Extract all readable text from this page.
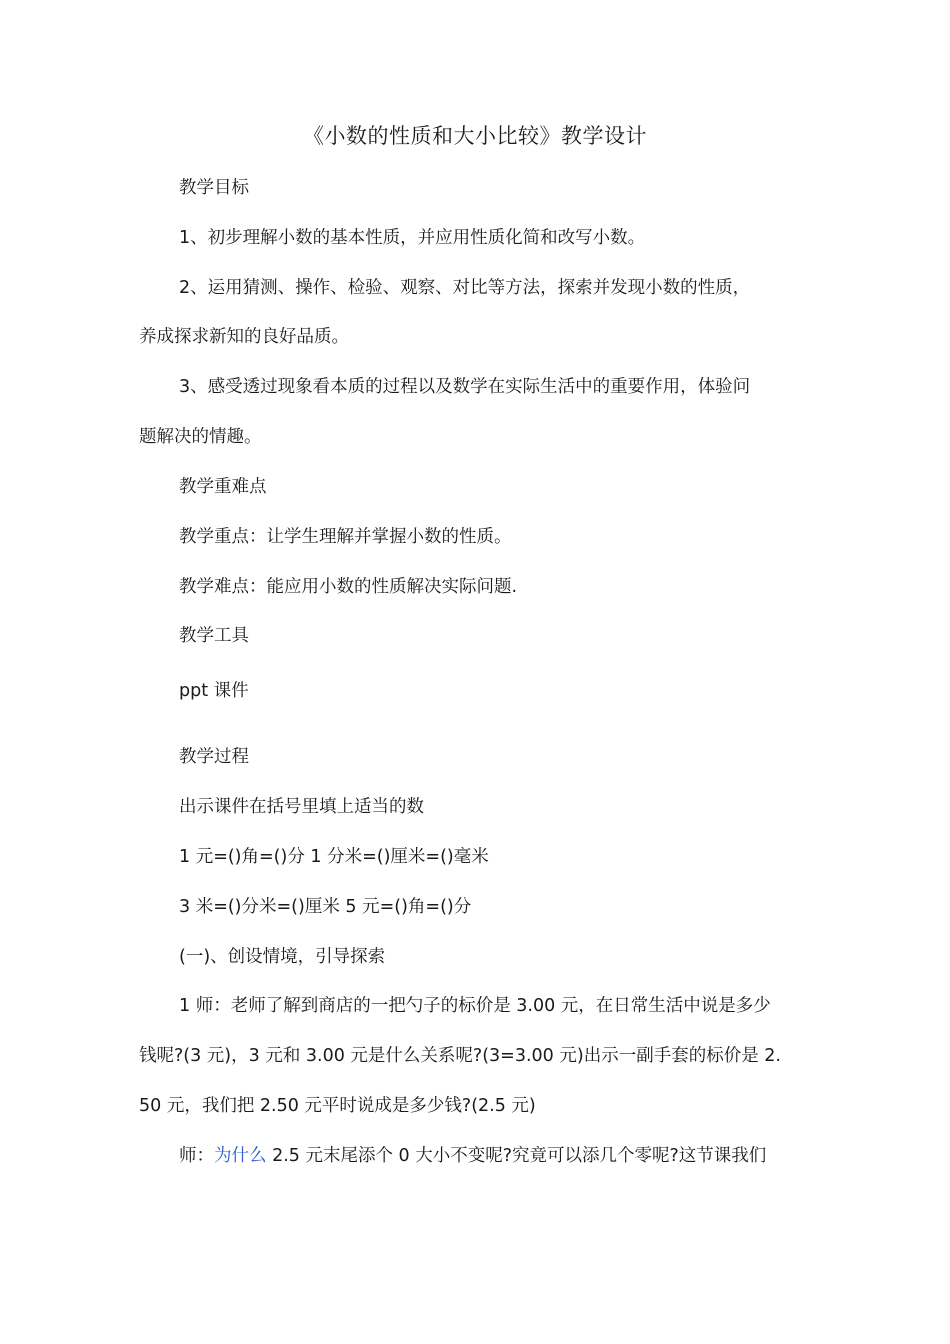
《小数的性质和大小比较》教学设计
教学目标
1、初步理解小数的基本性质，并应用性质化简和改写小数。
2、运用猜测、操作、检验、观察、对比等方法，探索并发现小数的性质，
养成探求新知的良好品质。
3、感受透过现象看本质的过程以及数学在实际生活中的重要作用，体验问
题解决的情趣。
教学重难点
教学重点：让学生理解并掌握小数的性质。
教学难点：能应用小数的性质解决实际问题.
教学工具
ppt 课件
教学过程
出示课件在括号里填上适当的数
1 元=()角=()分 1 分米=()厘米=()毫米
3 米=()分米=()厘米 5 元=()角=()分
(一)、创设情境，引导探索
1 师：老师了解到商店的一把勺子的标价是 3.00 元，在日常生活中说是多少
钱呢?(3 元)，3 元和 3.00 元是什么关系呢?(3=3.00 元)出示一副手套的标价是 2.
50 元，我们把 2.50 元平时说成是多少钱?(2.5 元)
师：为什么 2.5 元末尾添个 0 大小不变呢?究竟可以添几个零呢?这节课我们
